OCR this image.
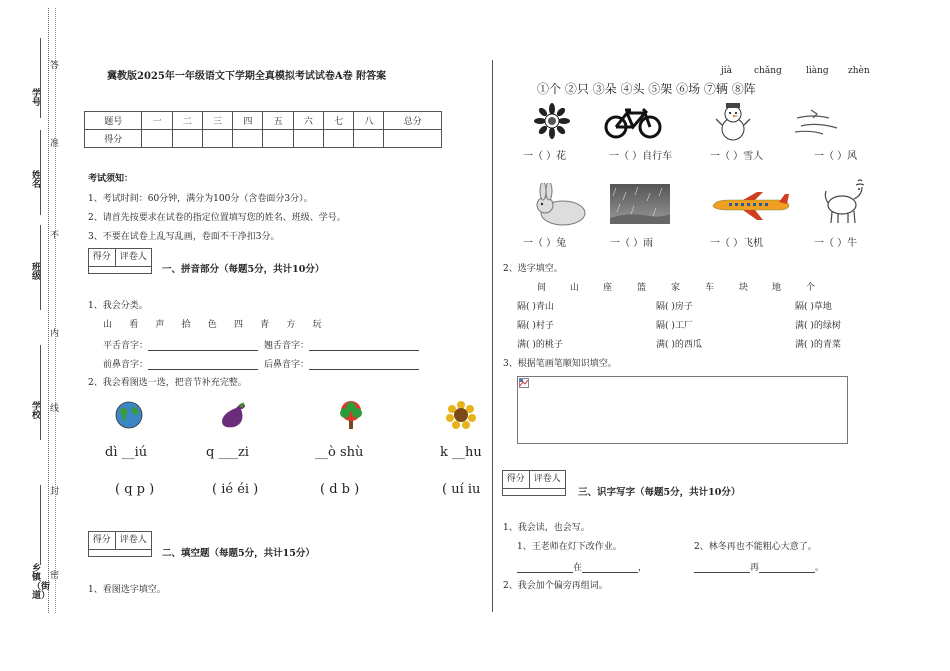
学号
姓名
班级
学校
乡镇（街道）
答
准
不
内
线
封
密
冀教版2025年一年级语文下学期全真模拟考试试卷A卷 附答案
题号	一	二	三	四	五	六	七	八	总分
得分									
考试须知：
1、考试时间：60分钟，满分为100分（含卷面分3分）。
2、请首先按要求在试卷的指定位置填写您的姓名、班级、学号。
3、不要在试卷上乱写乱画，卷面不干净扣3分。
得分 评卷人
一、拼音部分（每题5分，共计10分）
1、我会分类。
山 看 声 拾 色 四 青 方 玩
平舌音字：	翘舌音字：
前鼻音字：	后鼻音字：
2、我会看图选一选，把音节补充完整。
dì __iú	q ___zi	__ò shù	k __hu
( q p )	( ié éi )	( d b )	( uí iu
得分 评卷人
二、填空题（每题5分，共计15分）
1、看图选字填空。
jià chǎng	liàng zhèn
①个 ②只 ③朵 ④头 ⑤架 ⑥场 ⑦辆 ⑧阵
一（ ）花	一（ ）自行车	一（ ）雪人	一（ ）风
一（ ）兔	一（ ）雨	一（ ）飞机	一（ ）牛
2、选字填空。
间	山	座	篮	家	车	块	地	个
隔( )青山	隔( )房子	隔( )草地
隔( )村子	隔( )工厂	满( )的绿树
满( )的桃子	满( )的西瓜	满( )的青菜
3、根据笔画笔顺知识填空。
得分 评卷人
三、识字写字（每题5分，共计10分）
1、我会读，也会写。
1、王老师在灯下改作业。	2、林冬再也不能粗心大意了。
在	，	再	。
2、我会加个偏旁再组词。
